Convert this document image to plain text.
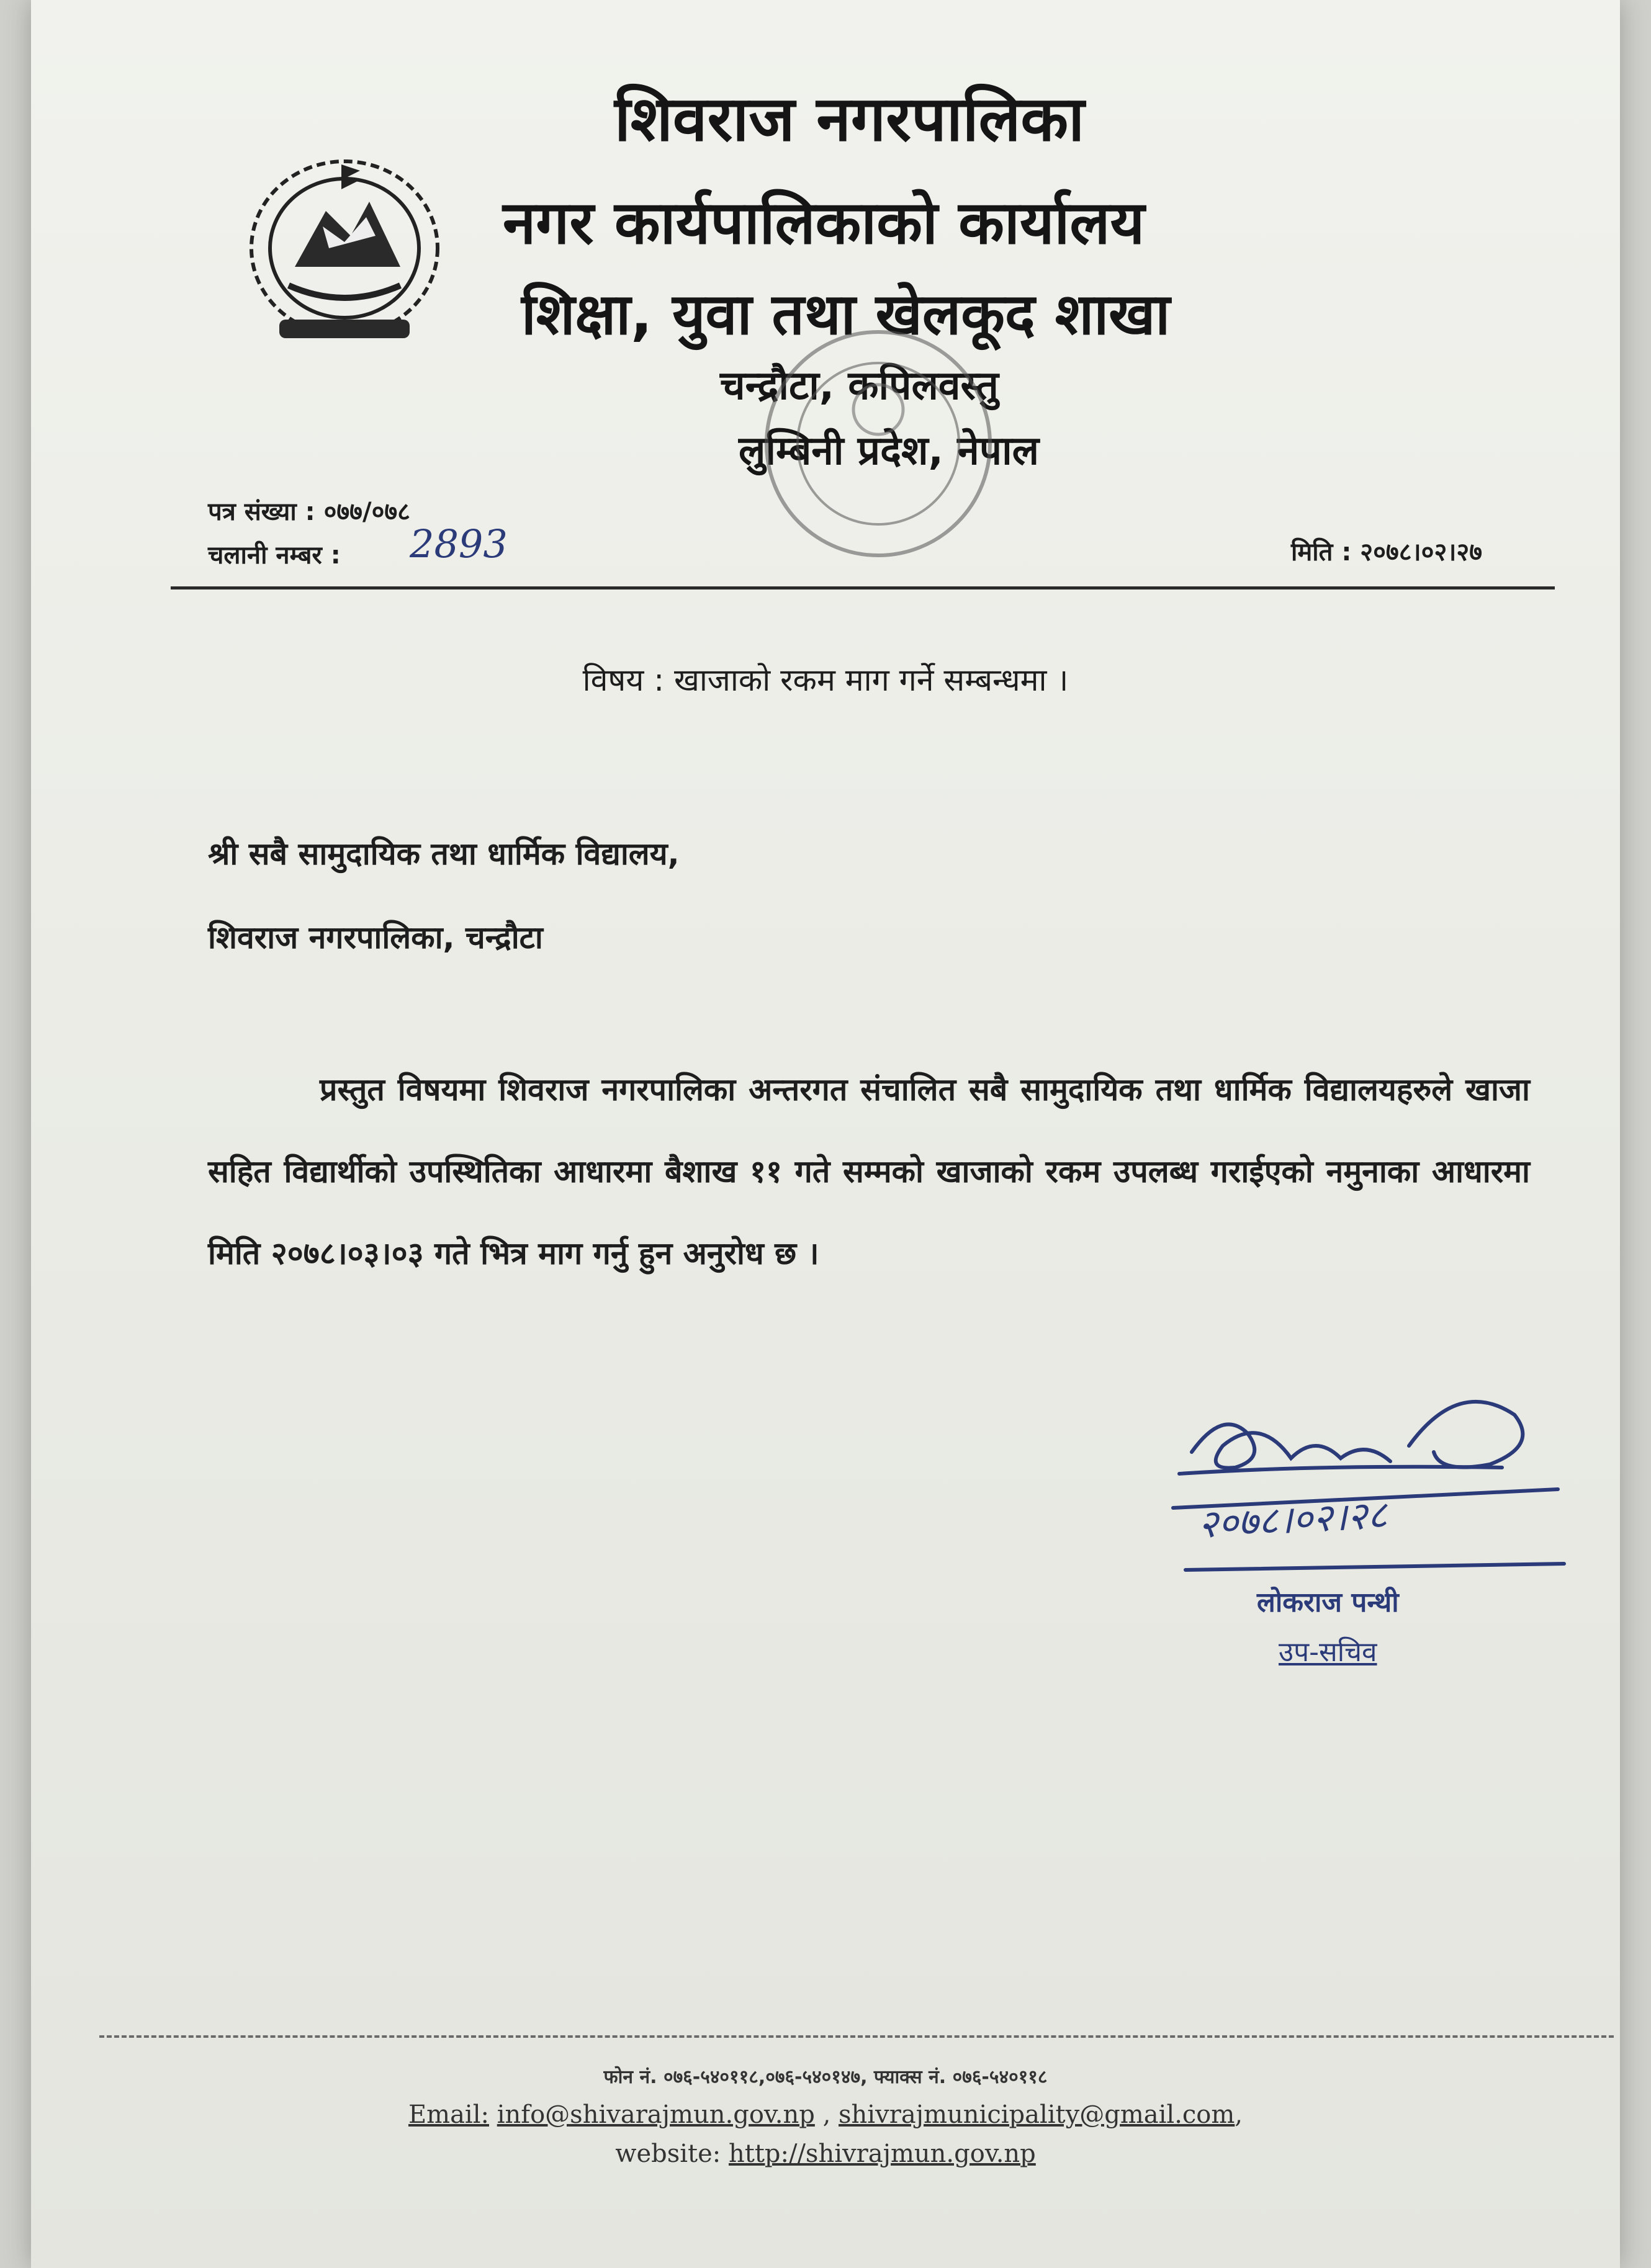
शिवराज नगरपालिका
नगर कार्यपालिकाको कार्यालय
शिक्षा, युवा तथा खेलकूद शाखा
चन्द्रौटा, कपिलवस्तु
लुम्बिनी प्रदेश, नेपाल
पत्र संख्या : ०७७/०७८
चलानी नम्बर : 2893	मिति : २०७८।०२।२७
विषय : खाजाको रकम माग गर्ने सम्बन्धमा ।
श्री सबै सामुदायिक तथा धार्मिक विद्यालय,
शिवराज नगरपालिका, चन्द्रौटा
प्रस्तुत विषयमा शिवराज नगरपालिका अन्तरगत संचालित सबै सामुदायिक तथा धार्मिक विद्यालयहरुले खाजा सहित विद्यार्थीको उपस्थितिका आधारमा बैशाख ११ गते सम्मको खाजाको रकम उपलब्ध गराईएको नमुनाका आधारमा मिति २०७८।०३।०३ गते भित्र माग गर्नु हुन अनुरोध छ ।
२०७८।०२।२८
लोकराज पन्थी
उप-सचिव
फोन नं. ०७६-५४०११८,०७६-५४०१४७, फ्याक्स नं. ०७६-५४०११८
Email: info@shivarajmun.gov.np , shivrajmunicipality@gmail.com,
website: http://shivrajmun.gov.np
